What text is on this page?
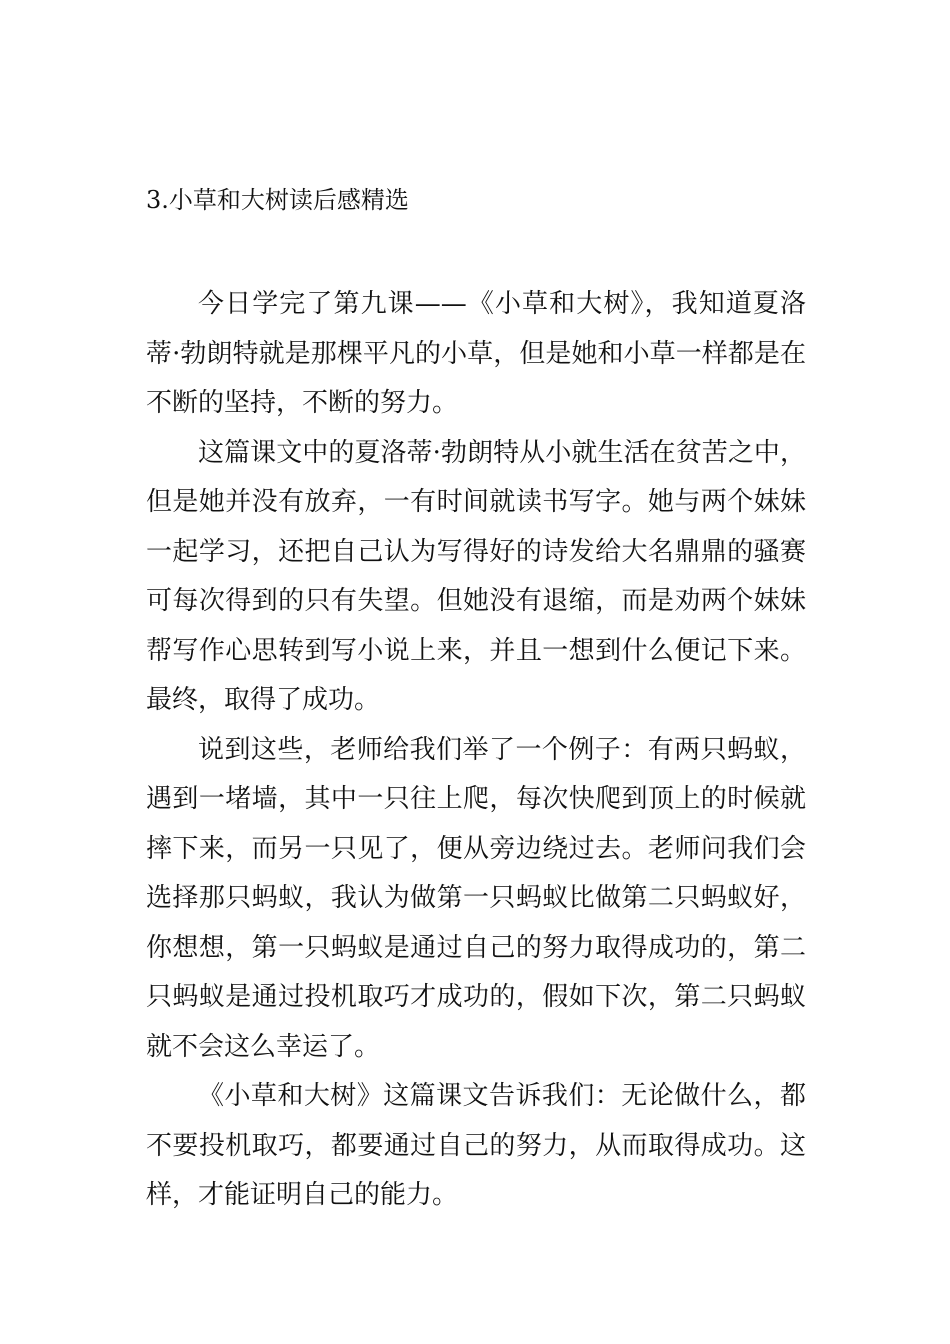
3.小草和大树读后感精选

今日学完了第九课——《小草和大树》，我知道夏洛蒂·勃朗特就是那棵平凡的小草，但是她和小草一样都是在不断的坚持，不断的努力。

这篇课文中的夏洛蒂·勃朗特从小就生活在贫苦之中，但是她并没有放弃，一有时间就读书写字。她与两个妹妹一起学习，还把自己认为写得好的诗发给大名鼎鼎的骚赛可每次得到的只有失望。但她没有退缩，而是劝两个妹妹帮写作心思转到写小说上来，并且一想到什么便记下来。最终，取得了成功。

说到这些，老师给我们举了一个例子：有两只蚂蚁，遇到一堵墙，其中一只往上爬，每次快爬到顶上的时候就摔下来，而另一只见了，便从旁边绕过去。老师问我们会选择那只蚂蚁，我认为做第一只蚂蚁比做第二只蚂蚁好，你想想，第一只蚂蚁是通过自己的努力取得成功的，第二只蚂蚁是通过投机取巧才成功的，假如下次，第二只蚂蚁就不会这么幸运了。

《小草和大树》这篇课文告诉我们：无论做什么，都不要投机取巧，都要通过自己的努力，从而取得成功。这样，才能证明自己的能力。
